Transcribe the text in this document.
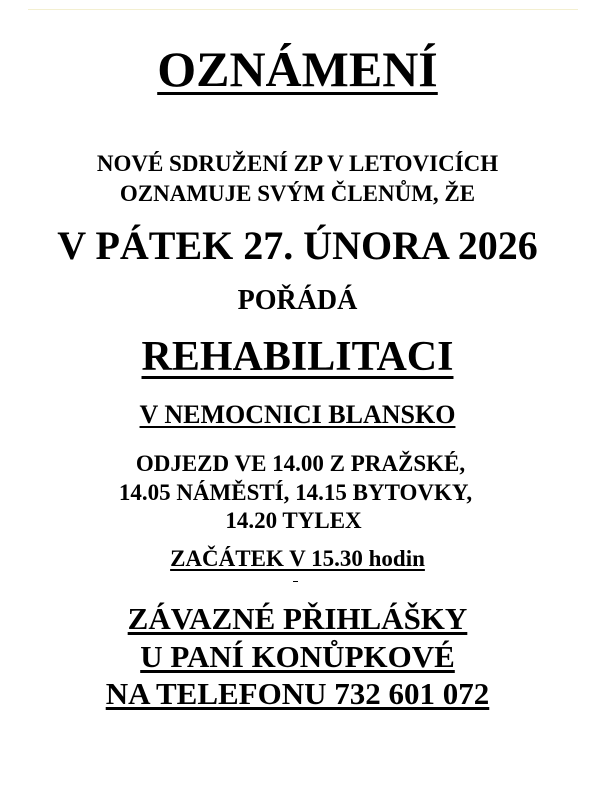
OZNÁMENÍ
NOVÉ SDRUŽENÍ ZP V LETOVICÍCH
OZNAMUJE SVÝM ČLENŮM, ŽE
V PÁTEK 27. ÚNORA 2026
POŘÁDÁ
REHABILITACI
V NEMOCNICI BLANSKO
ODJEZD VE 14.00 Z PRAŽSKÉ,
14.05 NÁMĚSTÍ, 14.15 BYTOVKY,
14.20 TYLEX
ZAČÁTEK V 15.30 hodin
ZÁVAZNÉ PŘIHLÁŠKY
U PANÍ KONŮPKOVÉ
NA TELEFONU 732 601 072
